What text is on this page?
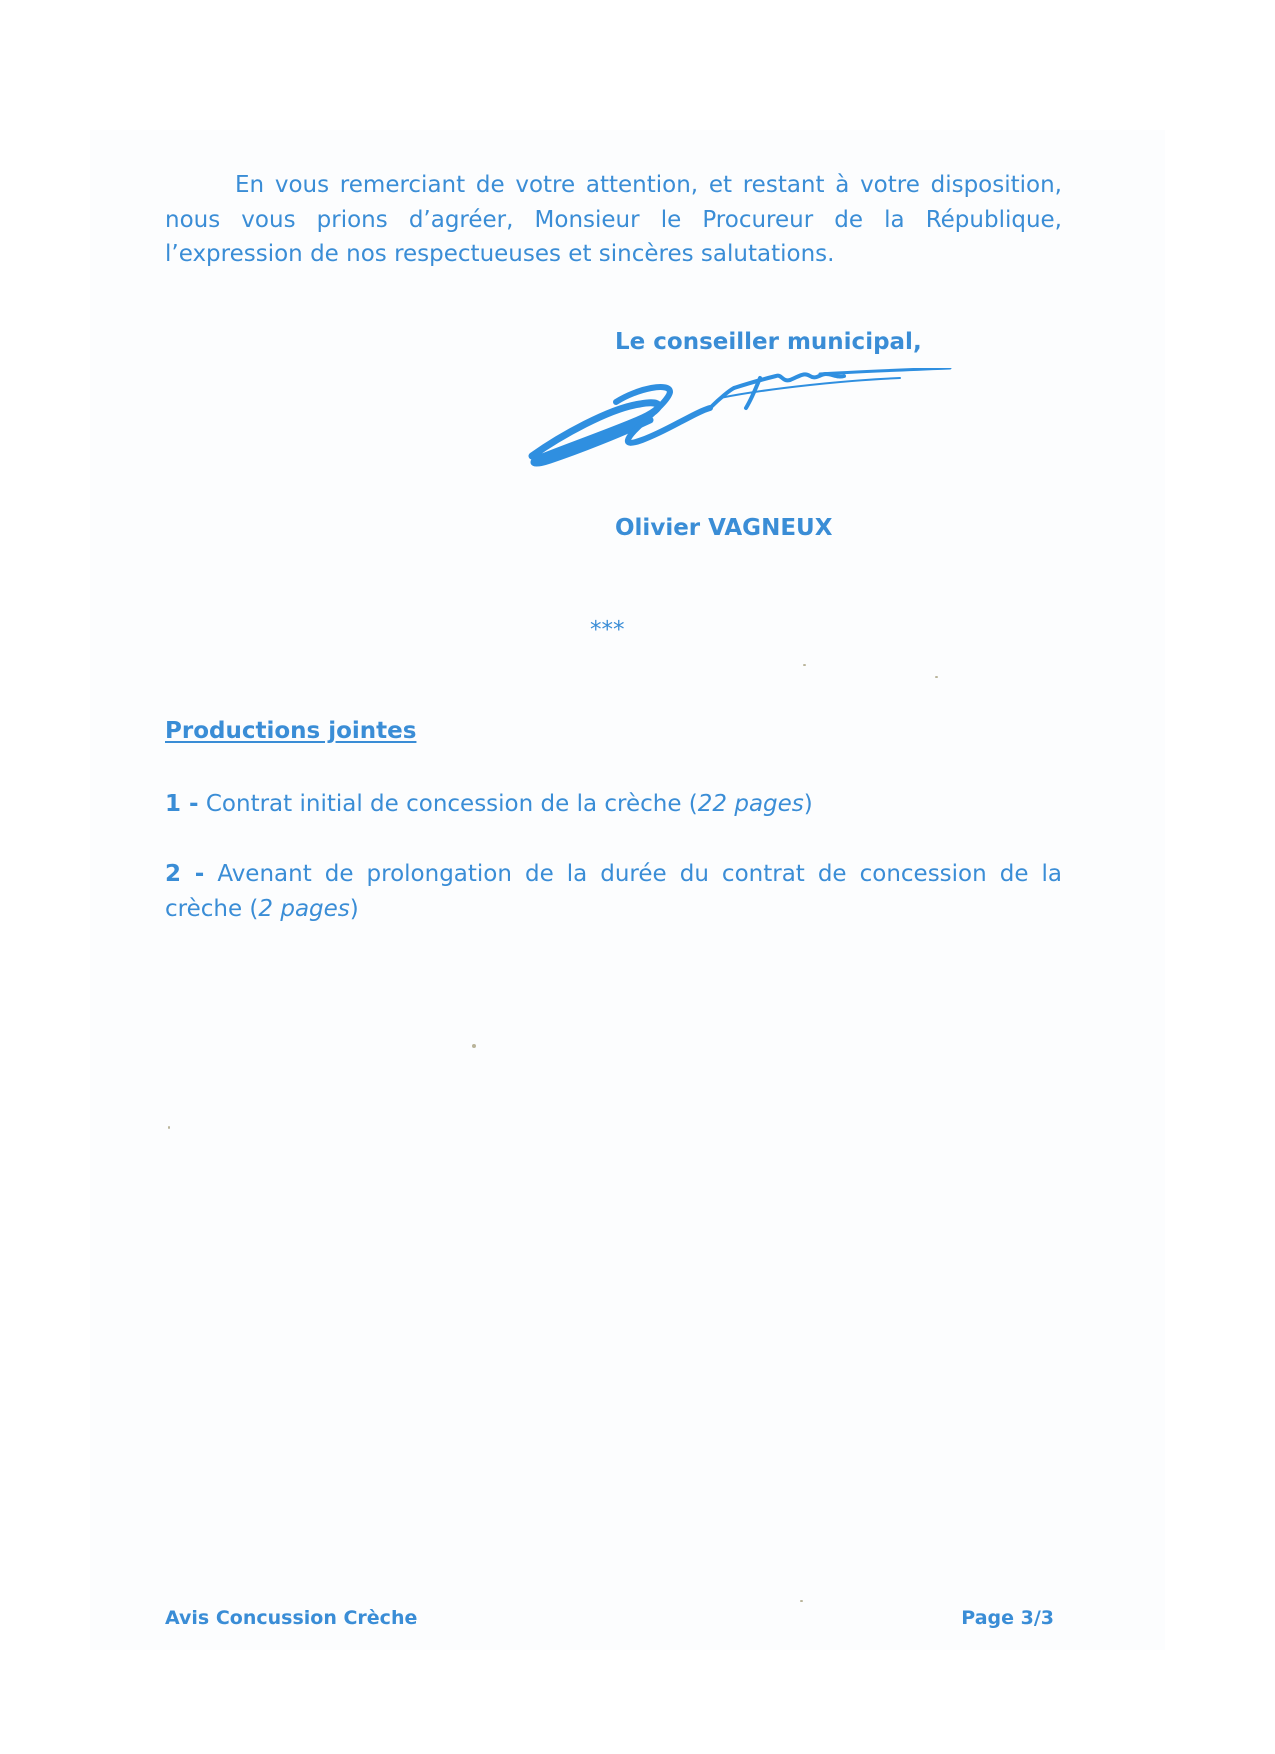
En vous remerciant de votre attention, et restant à votre disposition, nous vous prions d’agréer, Monsieur le Procureur de la République, l’expression de nos respectueuses et sincères salutations.

Le conseiller municipal,

Olivier VAGNEUX

***

Productions jointes

1 - Contrat initial de concession de la crèche (22 pages)

2 - Avenant de prolongation de la durée du contrat de concession de la crèche (2 pages)

Avis Concussion Crèche	Page 3/3
